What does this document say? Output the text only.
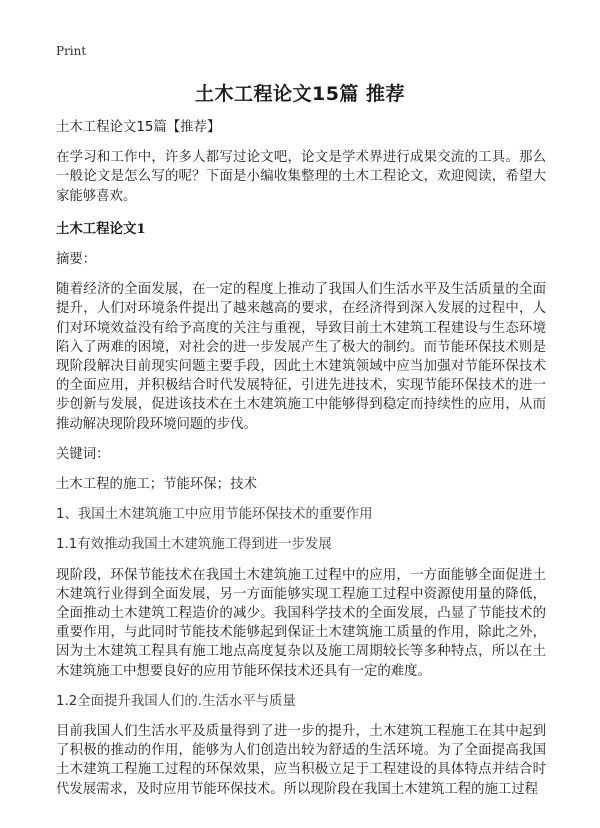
Print
土木工程论文15篇 推荐

土木工程论文15篇【推荐】

在学习和工作中，许多人都写过论文吧，论文是学术界进行成果交流的工具。那么一般论文是怎么写的呢？下面是小编收集整理的土木工程论文，欢迎阅读，希望大家能够喜欢。

土木工程论文1

摘要：

随着经济的全面发展，在一定的程度上推动了我国人们生活水平及生活质量的全面提升，人们对环境条件提出了越来越高的要求，在经济得到深入发展的过程中，人们对环境效益没有给予高度的关注与重视，导致目前土木建筑工程建设与生态环境陷入了两难的困境，对社会的进一步发展产生了极大的制约。而节能环保技术则是现阶段解决目前现实问题主要手段，因此土木建筑领域中应当加强对节能环保技术的全面应用，并积极结合时代发展特征，引进先进技术，实现节能环保技术的进一步创新与发展，促进该技术在土木建筑施工中能够得到稳定而持续性的应用，从而推动解决现阶段环境问题的步伐。

关键词：

土木工程的施工；节能环保；技术

1、我国土木建筑施工中应用节能环保技术的重要作用

1.1有效推动我国土木建筑施工得到进一步发展

现阶段，环保节能技术在我国土木建筑施工过程中的应用，一方面能够全面促进土木建筑行业得到全面发展，另一方面能够实现工程施工过程中资源使用量的降低，全面推动土木建筑工程造价的减少。我国科学技术的全面发展，凸显了节能技术的重要作用，与此同时节能技术能够起到保证土木建筑施工质量的作用，除此之外，因为土木建筑工程具有施工地点高度复杂以及施工周期较长等多种特点，所以在土木建筑施工中想要良好的应用节能环保技术还具有一定的难度。

1.2全面提升我国人们的.生活水平与质量

目前我国人们生活水平及质量得到了进一步的提升，土木建筑工程施工在其中起到了积极的推动的作用，能够为人们创造出较为舒适的生活环境。为了全面提高我国土木建筑工程施工过程的环保效果，应当积极立足于工程建设的具体特点并结合时代发展需求，及时应用节能环保技术。所以现阶段在我国土木建筑工程的施工过程
